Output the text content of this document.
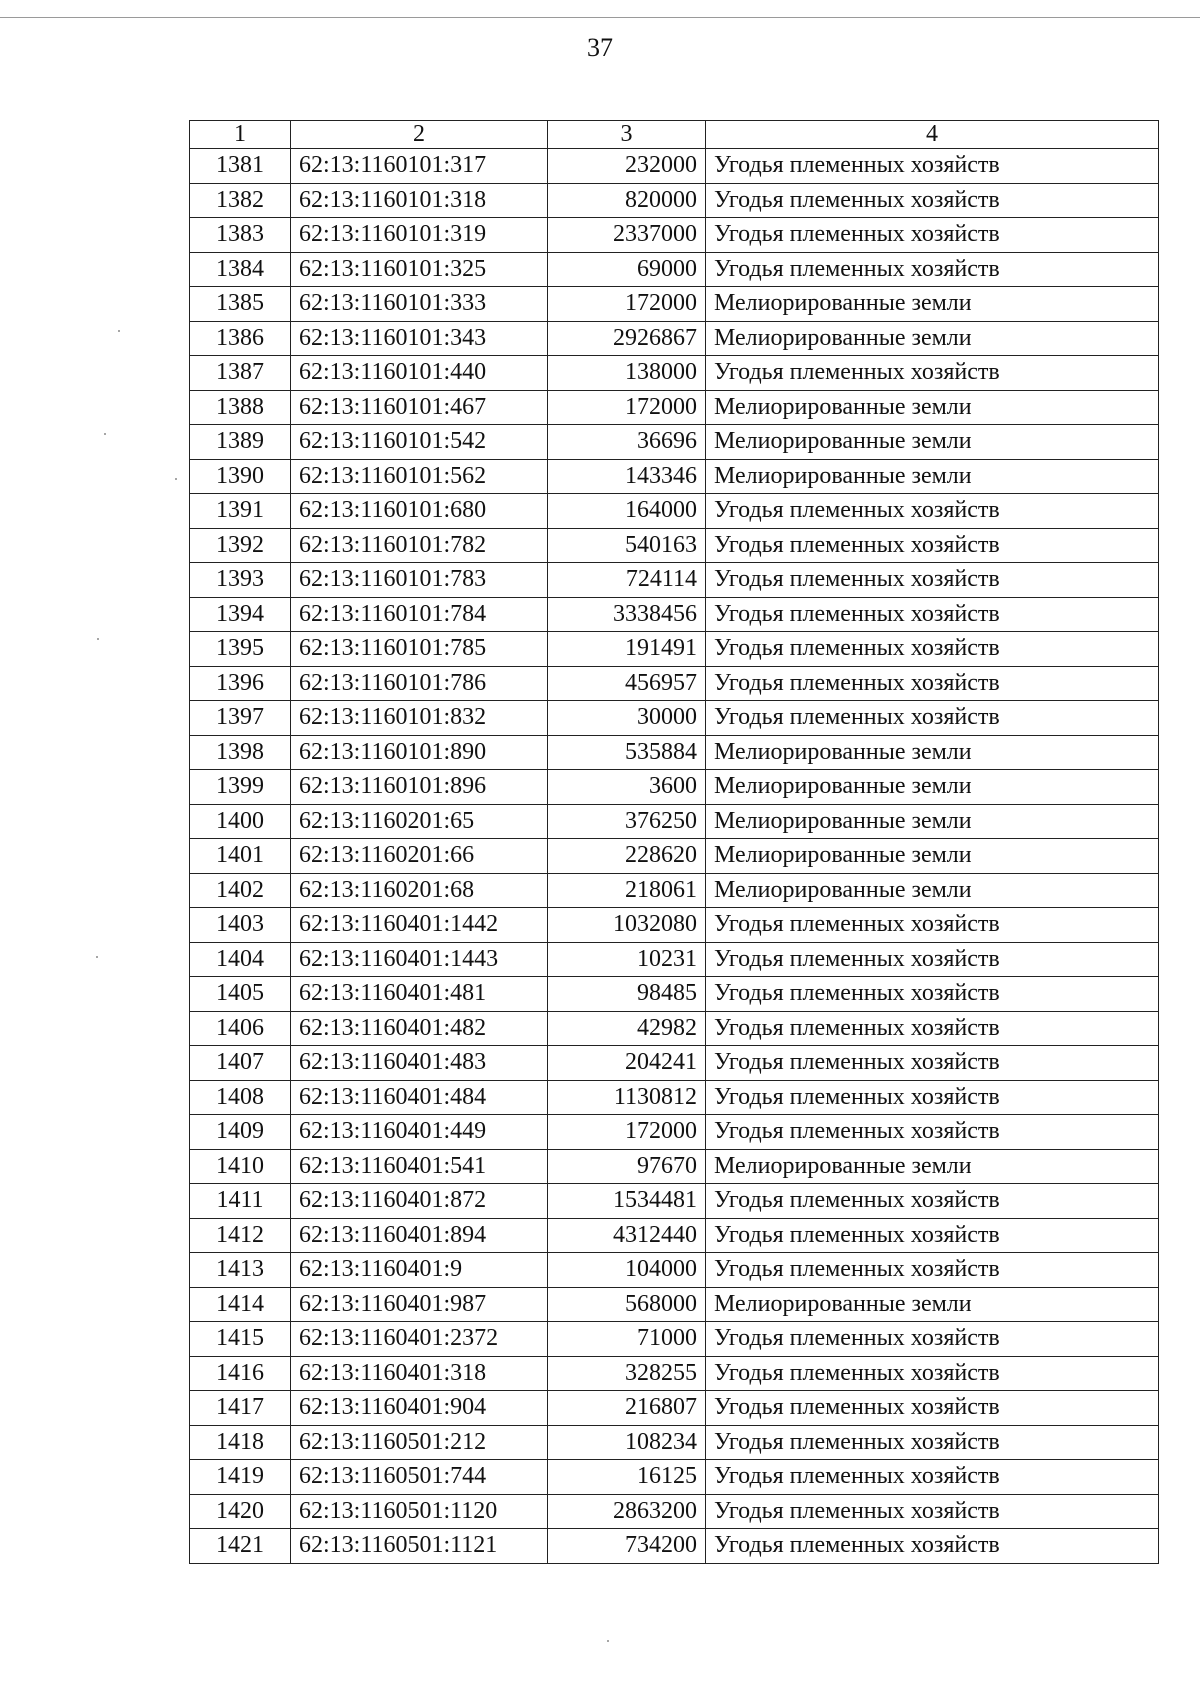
37
1	2	3	4
1381	62:13:1160101:317	232000	Угодья племенных хозяйств
1382	62:13:1160101:318	820000	Угодья племенных хозяйств
1383	62:13:1160101:319	2337000	Угодья племенных хозяйств
1384	62:13:1160101:325	69000	Угодья племенных хозяйств
1385	62:13:1160101:333	172000	Мелиорированные земли
1386	62:13:1160101:343	2926867	Мелиорированные земли
1387	62:13:1160101:440	138000	Угодья племенных хозяйств
1388	62:13:1160101:467	172000	Мелиорированные земли
1389	62:13:1160101:542	36696	Мелиорированные земли
1390	62:13:1160101:562	143346	Мелиорированные земли
1391	62:13:1160101:680	164000	Угодья племенных хозяйств
1392	62:13:1160101:782	540163	Угодья племенных хозяйств
1393	62:13:1160101:783	724114	Угодья племенных хозяйств
1394	62:13:1160101:784	3338456	Угодья племенных хозяйств
1395	62:13:1160101:785	191491	Угодья племенных хозяйств
1396	62:13:1160101:786	456957	Угодья племенных хозяйств
1397	62:13:1160101:832	30000	Угодья племенных хозяйств
1398	62:13:1160101:890	535884	Мелиорированные земли
1399	62:13:1160101:896	3600	Мелиорированные земли
1400	62:13:1160201:65	376250	Мелиорированные земли
1401	62:13:1160201:66	228620	Мелиорированные земли
1402	62:13:1160201:68	218061	Мелиорированные земли
1403	62:13:1160401:1442	1032080	Угодья племенных хозяйств
1404	62:13:1160401:1443	10231	Угодья племенных хозяйств
1405	62:13:1160401:481	98485	Угодья племенных хозяйств
1406	62:13:1160401:482	42982	Угодья племенных хозяйств
1407	62:13:1160401:483	204241	Угодья племенных хозяйств
1408	62:13:1160401:484	1130812	Угодья племенных хозяйств
1409	62:13:1160401:449	172000	Угодья племенных хозяйств
1410	62:13:1160401:541	97670	Мелиорированные земли
1411	62:13:1160401:872	1534481	Угодья племенных хозяйств
1412	62:13:1160401:894	4312440	Угодья племенных хозяйств
1413	62:13:1160401:9	104000	Угодья племенных хозяйств
1414	62:13:1160401:987	568000	Мелиорированные земли
1415	62:13:1160401:2372	71000	Угодья племенных хозяйств
1416	62:13:1160401:318	328255	Угодья племенных хозяйств
1417	62:13:1160401:904	216807	Угодья племенных хозяйств
1418	62:13:1160501:212	108234	Угодья племенных хозяйств
1419	62:13:1160501:744	16125	Угодья племенных хозяйств
1420	62:13:1160501:1120	2863200	Угодья племенных хозяйств
1421	62:13:1160501:1121	734200	Угодья племенных хозяйств
